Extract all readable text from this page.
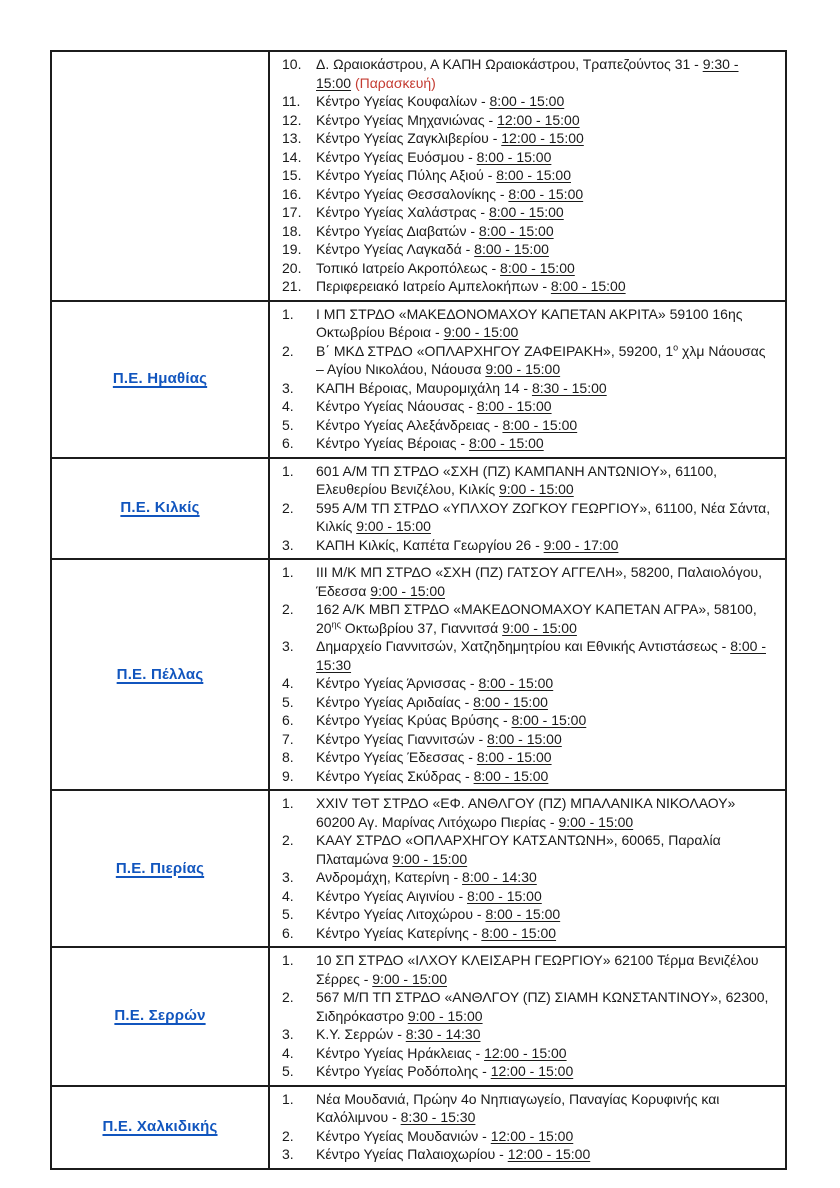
10.	Δ. Ωραιοκάστρου, Α ΚΑΠΗ Ωραιοκάστρου, Τραπεζούντος 31 - 9:30 - 15:00 (Παρασκευή)
11.	Κέντρο Υγείας Κουφαλίων - 8:00 - 15:00
12.	Κέντρο Υγείας Μηχανιώνας - 12:00 - 15:00
13.	Κέντρο Υγείας Ζαγκλιβερίου - 12:00 - 15:00
14.	Κέντρο Υγείας Ευόσμου - 8:00 - 15:00
15.	Κέντρο Υγείας Πύλης Αξιού - 8:00 - 15:00
16.	Κέντρο Υγείας Θεσσαλονίκης - 8:00 - 15:00
17.	Κέντρο Υγείας Χαλάστρας - 8:00 - 15:00
18.	Κέντρο Υγείας Διαβατών - 8:00 - 15:00
19.	Κέντρο Υγείας Λαγκαδά - 8:00 - 15:00
20.	Τοπικό Ιατρείο Ακροπόλεως - 8:00 - 15:00
21.	Περιφερειακό Ιατρείο Αμπελοκήπων - 8:00 - 15:00

Π.Ε. Ημαθίας	
1.	Ι ΜΠ ΣΤΡΔΟ «ΜΑΚΕΔΟΝΟΜΑΧΟΥ ΚΑΠΕΤΑΝ ΑΚΡΙΤΑ» 59100 16ης Οκτωβρίου Βέροια - 9:00 - 15:00
2.	Β΄ ΜΚΔ ΣΤΡΔΟ «ΟΠΛΑΡΧΗΓΟΥ ΖΑΦΕΙΡΑΚΗ», 59200, $1^o$ χλμ Νάουσας – Αγίου Νικολάου, Νάουσα 9:00 - 15:00
3.	ΚΑΠΗ Βέροιας, Μαυρομιχάλη 14 - 8:30 - 15:00
4.	Κέντρο Υγείας Νάουσας - 8:00 - 15:00
5.	Κέντρο Υγείας Αλεξάνδρειας - 8:00 - 15:00
6.	Κέντρο Υγείας Βέροιας - 8:00 - 15:00

Π.Ε. Κιλκίς	
1.	601 Α/Μ ΤΠ ΣΤΡΔΟ «ΣΧΗ (ΠΖ) ΚΑΜΠΑΝΗ ΑΝΤΩΝΙΟΥ», 61100, Ελευθερίου Βενιζέλου, Κιλκίς 9:00 - 15:00
2.	595 Α/Μ ΤΠ ΣΤΡΔΟ «ΥΠΛΧΟΥ ΖΩΓΚΟΥ ΓΕΩΡΓΙΟΥ», 61100, Νέα Σάντα, Κιλκίς 9:00 - 15:00
3.	ΚΑΠΗ Κιλκίς, Καπέτα Γεωργίου 26 - 9:00 - 17:00

Π.Ε. Πέλλας	
1.	ΙΙΙ Μ/Κ ΜΠ ΣΤΡΔΟ «ΣΧΗ (ΠΖ) ΓΑΤΣΟΥ ΑΓΓΕΛΗ», 58200, Παλαιολόγου, Έδεσσα 9:00 - 15:00
2.	162 Α/Κ ΜΒΠ ΣΤΡΔΟ «ΜΑΚΕΔΟΝΟΜΑΧΟΥ ΚΑΠΕΤΑΝ ΑΓΡΑ», 58100, $20^{\eta\varsigma}$ Οκτωβρίου 37, Γιαννιτσά 9:00 - 15:00
3.	Δημαρχείο Γιαννιτσών, Χατζηδημητρίου και Εθνικής Αντιστάσεως - 8:00 - 15:30
4.	Κέντρο Υγείας Άρνισσας - 8:00 - 15:00
5.	Κέντρο Υγείας Αριδαίας - 8:00 - 15:00
6.	Κέντρο Υγείας Κρύας Βρύσης - 8:00 - 15:00
7.	Κέντρο Υγείας Γιαννιτσών - 8:00 - 15:00
8.	Κέντρο Υγείας Έδεσσας - 8:00 - 15:00
9.	Κέντρο Υγείας Σκύδρας - 8:00 - 15:00

Π.Ε. Πιερίας	
1.	XXIV ΤΘΤ ΣΤΡΔΟ «ΕΦ. ΑΝΘΛΓΟΥ (ΠΖ) ΜΠΑΛΑΝΙΚΑ ΝΙΚΟΛΑΟΥ» 60200 Αγ. Μαρίνας Λιτόχωρο Πιερίας - 9:00 - 15:00
2.	ΚΑΑΥ ΣΤΡΔΟ «ΟΠΛΑΡΧΗΓΟΥ ΚΑΤΣΑΝΤΩΝΗ», 60065, Παραλία Πλαταμώνα 9:00 - 15:00
3.	Ανδρομάχη, Κατερίνη - 8:00 - 14:30
4.	Κέντρο Υγείας Αιγινίου - 8:00 - 15:00
5.	Κέντρο Υγείας Λιτοχώρου - 8:00 - 15:00
6.	Κέντρο Υγείας Κατερίνης - 8:00 - 15:00

Π.Ε. Σερρών	
1.	10 ΣΠ ΣΤΡΔΟ «ΙΛΧΟΥ ΚΛΕΙΣΑΡΗ ΓΕΩΡΓΙΟΥ» 62100 Τέρμα Βενιζέλου Σέρρες - 9:00 - 15:00
2.	567 Μ/Π ΤΠ ΣΤΡΔΟ «ΑΝΘΛΓΟΥ (ΠΖ) ΣΙΑΜΗ ΚΩΝΣΤΑΝΤΙΝΟΥ», 62300, Σιδηρόκαστρο 9:00 - 15:00
3.	Κ.Υ. Σερρών - 8:30 - 14:30
4.	Κέντρο Υγείας Ηράκλειας - 12:00 - 15:00
5.	Κέντρο Υγείας Ροδόπολης - 12:00 - 15:00

Π.Ε. Χαλκιδικής	
1.	Νέα Μουδανιά, Πρώην 4ο Νηπιαγωγείο, Παναγίας Κορυφινής και Καλόλιμνου - 8:30 - 15:30
2.	Κέντρο Υγείας Μουδανιών - 12:00 - 15:00
3.	Κέντρο Υγείας Παλαιοχωρίου - 12:00 - 15:00
